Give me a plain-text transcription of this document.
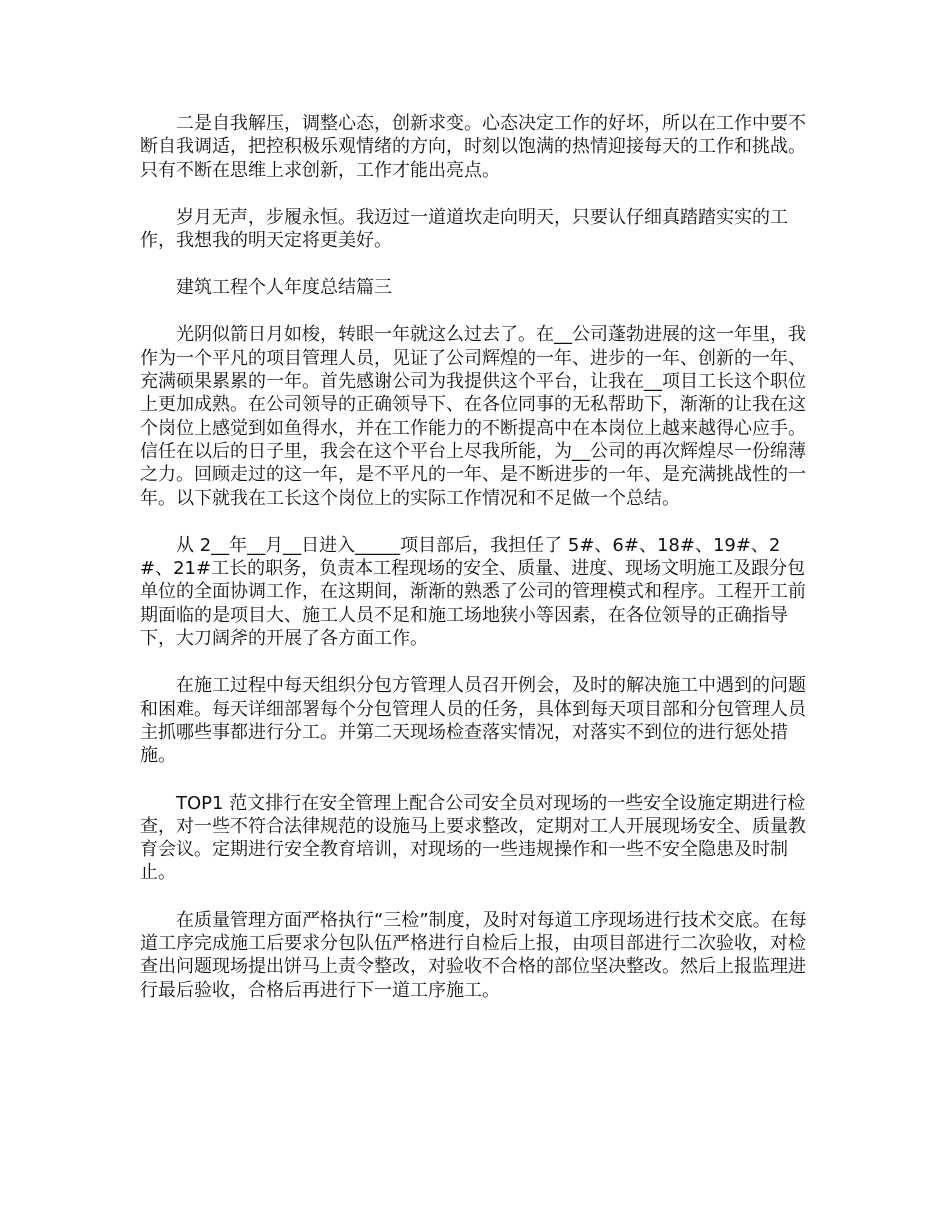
二是自我解压，调整心态，创新求变。心态决定工作的好坏，所以在工作中要不断自我调适，把控积极乐观情绪的方向，时刻以饱满的热情迎接每天的工作和挑战。只有不断在思维上求创新，工作才能出亮点。

岁月无声，步履永恒。我迈过一道道坎走向明天，只要认仔细真踏踏实实的工作，我想我的明天定将更美好。

建筑工程个人年度总结篇三

光阴似箭日月如梭，转眼一年就这么过去了。在__公司蓬勃进展的这一年里，我作为一个平凡的项目管理人员，见证了公司辉煌的一年、进步的一年、创新的一年、充满硕果累累的一年。首先感谢公司为我提供这个平台，让我在__项目工长这个职位上更加成熟。在公司领导的正确领导下、在各位同事的无私帮助下，渐渐的让我在这个岗位上感觉到如鱼得水，并在工作能力的不断提高中在本岗位上越来越得心应手。信任在以后的日子里，我会在这个平台上尽我所能，为__公司的再次辉煌尽一份绵薄之力。回顾走过的这一年，是不平凡的一年、是不断进步的一年、是充满挑战性的一年。以下就我在工长这个岗位上的实际工作情况和不足做一个总结。

从 2__年__月__日进入_____项目部后，我担任了 5#、6#、18#、19#、2#、21#工长的职务，负责本工程现场的安全、质量、进度、现场文明施工及跟分包单位的全面协调工作，在这期间，渐渐的熟悉了公司的管理模式和程序。工程开工前期面临的是项目大、施工人员不足和施工场地狭小等因素，在各位领导的正确指导下，大刀阔斧的开展了各方面工作。

在施工过程中每天组织分包方管理人员召开例会，及时的解决施工中遇到的问题和困难。每天详细部署每个分包管理人员的任务，具体到每天项目部和分包管理人员主抓哪些事都进行分工。并第二天现场检查落实情况，对落实不到位的进行惩处措施。

TOP1 范文排行在安全管理上配合公司安全员对现场的一些安全设施定期进行检查，对一些不符合法律规范的设施马上要求整改，定期对工人开展现场安全、质量教育会议。定期进行安全教育培训，对现场的一些违规操作和一些不安全隐患及时制止。

在质量管理方面严格执行“三检”制度，及时对每道工序现场进行技术交底。在每道工序完成施工后要求分包队伍严格进行自检后上报，由项目部进行二次验收，对检查出问题现场提出饼马上责令整改，对验收不合格的部位坚决整改。然后上报监理进行最后验收，合格后再进行下一道工序施工。
